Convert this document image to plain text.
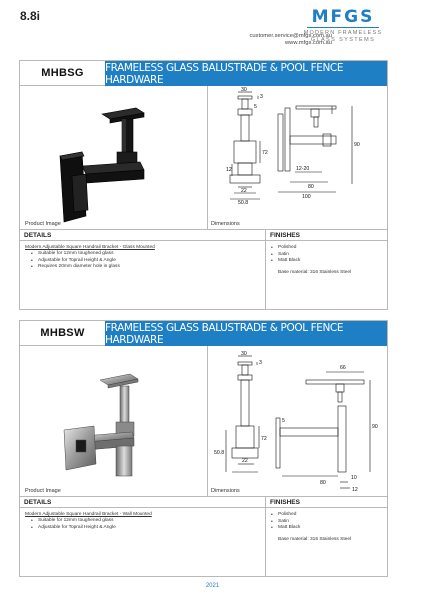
8.8i	MFGS
MODERN FRAMELESS
GLASS SYSTEMS
customer.service@mfgs.com.au
www.mfgs.com.au
MHBSG	FRAMELESS GLASS BALUSTRADE & POOL FENCE HARDWARE
Product Image
30
5
3
72
12
22
50.8
90
12-20
80
100
Dimensions
DETAILS
Modern Adjustable Square Handrail Bracket - Glass Mounted
• Suitable for 12mm toughened glass
• Adjustable for Toprail Height & Angle
• Requires 20mm diameter hole in glass
FINISHES
• Polished
• Satin
• Matt Black
Base material: 316 Stainless Steel
MHBSW	FRAMELESS GLASS BALUSTRADE & POOL FENCE HARDWARE
Product Image
30
3
5
50.8
22
72
66
90
80
10
12
Dimensions
DETAILS
Modern Adjustable Square Handrail Bracket - Wall Mounted
• Suitable for 12mm toughened glass
• Adjustable for Toprail Height & Angle
FINISHES
• Polished
• Satin
• Matt Black
Base material: 316 Stainless Steel
2021
